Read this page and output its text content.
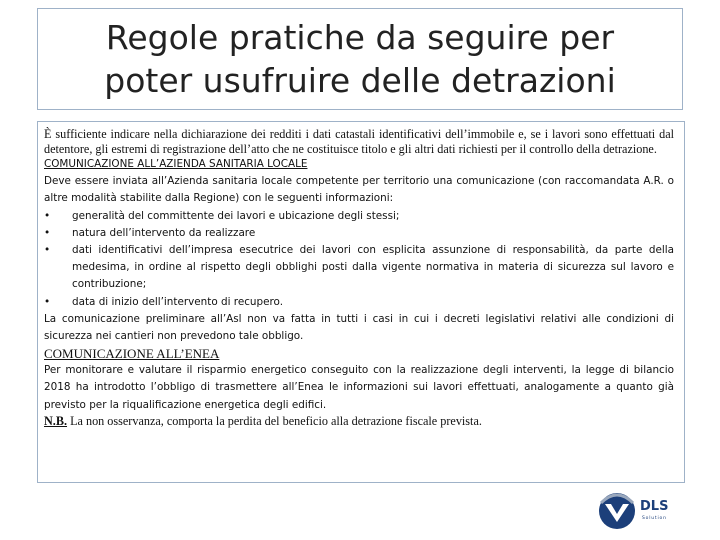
Regole pratiche da seguire per poter usufruire delle detrazioni

È sufficiente indicare nella dichiarazione dei redditi i dati catastali identificativi dell’immobile e, se i lavori sono effettuati dal detentore, gli estremi di registrazione dell’atto che ne costituisce titolo e gli altri dati richiesti per il controllo della detrazione.

COMUNICAZIONE ALL’AZIENDA SANITARIA LOCALE

Deve essere inviata all’Azienda sanitaria locale competente per territorio una comunicazione (con raccomandata A.R. o altre modalità stabilite dalla Regione) con le seguenti informazioni:

• generalità del committente dei lavori e ubicazione degli stessi;
• natura dell’intervento da realizzare
• dati identificativi dell’impresa esecutrice dei lavori con esplicita assunzione di responsabilità, da parte della medesima, in ordine al rispetto degli obblighi posti dalla vigente normativa in materia di sicurezza sul lavoro e contribuzione;
• data di inizio dell’intervento di recupero.

La comunicazione preliminare all’Asl non va fatta in tutti i casi in cui i decreti legislativi relativi alle condizioni di sicurezza nei cantieri non prevedono tale obbligo.

COMUNICAZIONE ALL’ENEA

Per monitorare e valutare il risparmio energetico conseguito con la realizzazione degli interventi, la legge di bilancio 2018 ha introdotto l’obbligo di trasmettere all’Enea le informazioni sui lavori effettuati, analogamente a quanto già previsto per la riqualificazione energetica degli edifici.

N.B. La non osservanza, comporta la perdita del beneficio alla detrazione fiscale prevista.

DLS
Solution
